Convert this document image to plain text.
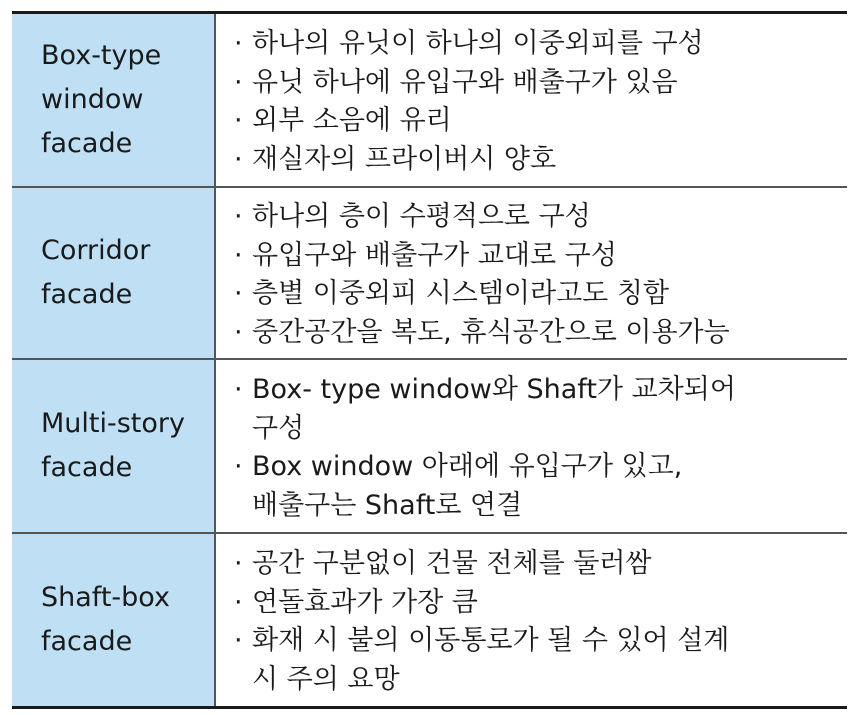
Box-type
window
facade
· 하나의 유닛이 하나의 이중외피를 구성
· 유닛 하나에 유입구와 배출구가 있음
· 외부 소음에 유리
· 재실자의 프라이버시 양호
Corridor
facade
· 하나의 층이 수평적으로 구성
· 유입구와 배출구가 교대로 구성
· 층별 이중외피 시스템이라고도 칭함
· 중간공간을 복도, 휴식공간으로 이용가능
Multi-story
facade
· Box- type window와 Shaft가 교차되어
구성
· Box window 아래에 유입구가 있고,
배출구는 Shaft로 연결
Shaft-box
facade
· 공간 구분없이 건물 전체를 둘러쌈
· 연돌효과가 가장 큼
· 화재 시 불의 이동통로가 될 수 있어 설계
시 주의 요망
